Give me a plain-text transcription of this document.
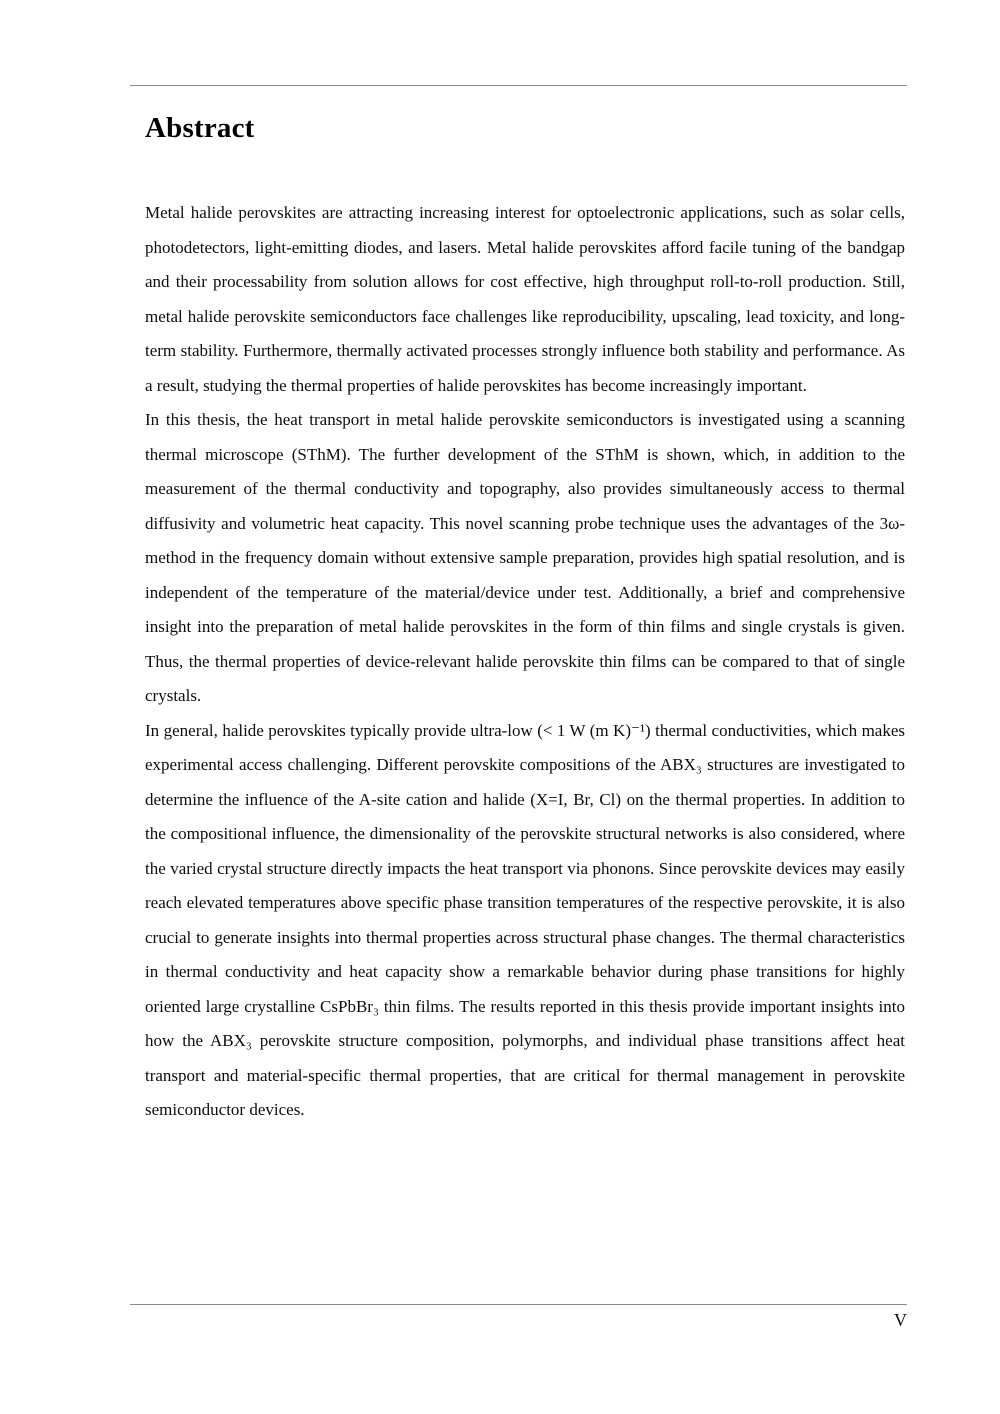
Abstract

Metal halide perovskites are attracting increasing interest for optoelectronic applications, such as solar cells, photodetectors, light-emitting diodes, and lasers. Metal halide perovskites afford facile tuning of the bandgap and their processability from solution allows for cost effective, high throughput roll-to-roll production. Still, metal halide perovskite semiconductors face challenges like reproducibility, upscaling, lead toxicity, and long-term stability. Furthermore, thermally activated processes strongly influence both stability and performance. As a result, studying the thermal properties of halide perovskites has become increasingly important.

In this thesis, the heat transport in metal halide perovskite semiconductors is investigated using a scanning thermal microscope (SThM). The further development of the SThM is shown, which, in addition to the measurement of the thermal conductivity and topography, also provides simultaneously access to thermal diffusivity and volumetric heat capacity. This novel scanning probe technique uses the advantages of the 3ω-method in the frequency domain without extensive sample preparation, provides high spatial resolution, and is independent of the temperature of the material/device under test. Additionally, a brief and comprehensive insight into the preparation of metal halide perovskites in the form of thin films and single crystals is given. Thus, the thermal properties of device-relevant halide perovskite thin films can be compared to that of single crystals.

In general, halide perovskites typically provide ultra-low (< 1 W (m K)⁻¹) thermal conductivities, which makes experimental access challenging. Different perovskite compositions of the ABX₃ structures are investigated to determine the influence of the A-site cation and halide (X=I, Br, Cl) on the thermal properties. In addition to the compositional influence, the dimensionality of the perovskite structural networks is also considered, where the varied crystal structure directly impacts the heat transport via phonons. Since perovskite devices may easily reach elevated temperatures above specific phase transition temperatures of the respective perovskite, it is also crucial to generate insights into thermal properties across structural phase changes. The thermal characteristics in thermal conductivity and heat capacity show a remarkable behavior during phase transitions for highly oriented large crystalline CsPbBr₃ thin films. The results reported in this thesis provide important insights into how the ABX₃ perovskite structure composition, polymorphs, and individual phase transitions affect heat transport and material-specific thermal properties, that are critical for thermal management in perovskite semiconductor devices.

V
